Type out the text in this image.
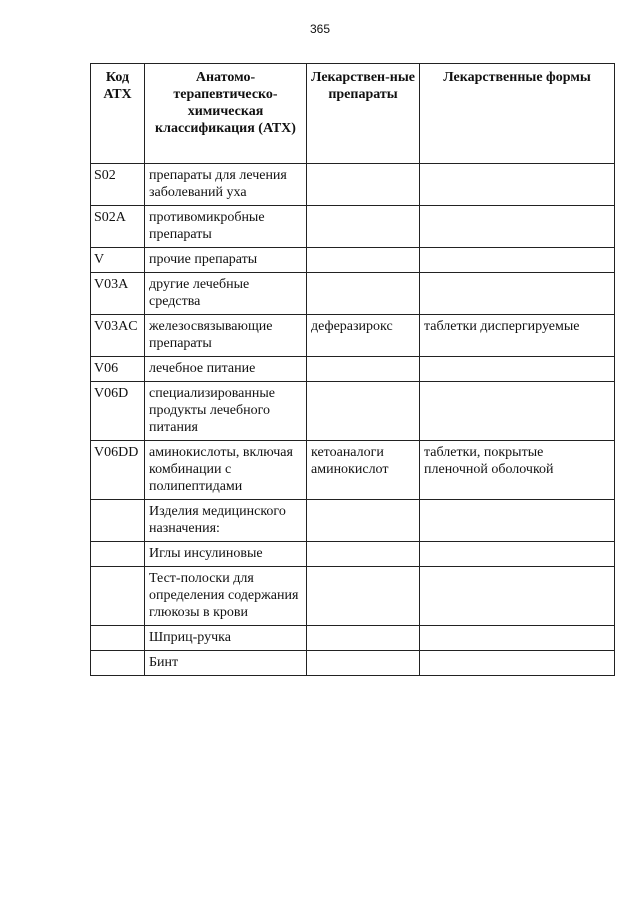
365
Код АТХ	Анатомо-терапевтическо-химическая классификация (АТХ)	Лекарствен-ные препараты	Лекарственные формы
S02	препараты для лечения заболеваний уха		
S02A	противомикробные препараты		
V	прочие препараты		
V03A	другие лечебные средства		
V03AC	железосвязывающие препараты	деферазирокс	таблетки диспергируемые
V06	лечебное питание		
V06D	специализированные продукты лечебного питания		
V06DD	аминокислоты, включая комбинации с полипептидами	кетоаналоги аминокислот	таблетки, покрытые пленочной оболочкой
	Изделия медицинского назначения:		
	Иглы инсулиновые		
	Тест-полоски для определения содержания глюкозы в крови		
	Шприц-ручка		
	Бинт		
